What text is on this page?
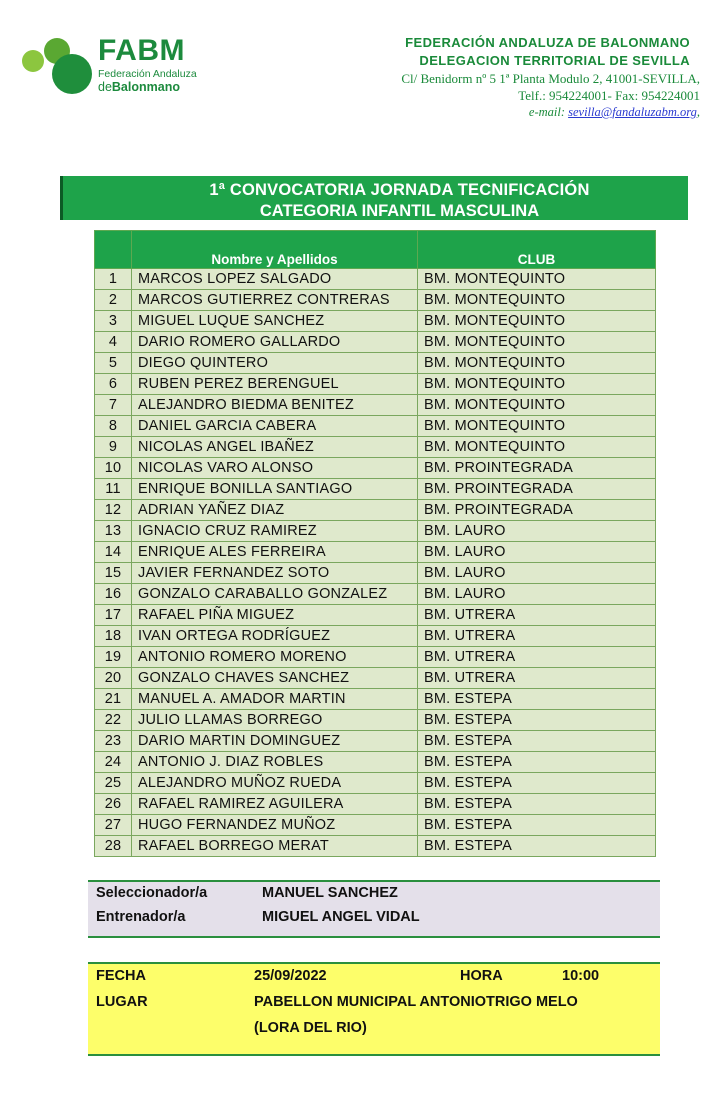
FABM
Federación Andaluza
deBalonmano
FEDERACIÓN ANDALUZA DE BALONMANO
DELEGACION TERRITORIAL DE SEVILLA
Cl/ Benidorm nº 5 1ª Planta Modulo 2, 41001-SEVILLA,
Telf.: 954224001- Fax: 954224001
e-mail: sevilla@fandaluzabm.org,
1ª CONVOCATORIA JORNADA TECNIFICACIÓN
CATEGORIA INFANTIL MASCULINA
	Nombre y Apellidos	CLUB
1	MARCOS LOPEZ SALGADO	BM. MONTEQUINTO
2	MARCOS GUTIERREZ CONTRERAS	BM. MONTEQUINTO
3	MIGUEL LUQUE SANCHEZ	BM. MONTEQUINTO
4	DARIO ROMERO GALLARDO	BM. MONTEQUINTO
5	DIEGO QUINTERO	BM. MONTEQUINTO
6	RUBEN PEREZ BERENGUEL	BM. MONTEQUINTO
7	ALEJANDRO BIEDMA BENITEZ	BM. MONTEQUINTO
8	DANIEL GARCIA CABERA	BM. MONTEQUINTO
9	NICOLAS ANGEL IBAÑEZ	BM. MONTEQUINTO
10	NICOLAS VARO ALONSO	BM. PROINTEGRADA
11	ENRIQUE BONILLA SANTIAGO	BM. PROINTEGRADA
12	ADRIAN YAÑEZ DIAZ	BM. PROINTEGRADA
13	IGNACIO CRUZ RAMIREZ	BM. LAURO
14	ENRIQUE ALES FERREIRA	BM. LAURO
15	JAVIER FERNANDEZ SOTO	BM. LAURO
16	GONZALO CARABALLO GONZALEZ	BM. LAURO
17	RAFAEL PIÑA MIGUEZ	BM. UTRERA
18	IVAN ORTEGA RODRÍGUEZ	BM. UTRERA
19	ANTONIO ROMERO MORENO	BM. UTRERA
20	GONZALO CHAVES SANCHEZ	BM. UTRERA
21	MANUEL A. AMADOR MARTIN	BM. ESTEPA
22	JULIO LLAMAS BORREGO	BM. ESTEPA
23	DARIO MARTIN DOMINGUEZ	BM. ESTEPA
24	ANTONIO J. DIAZ ROBLES	BM. ESTEPA
25	ALEJANDRO MUÑOZ RUEDA	BM. ESTEPA
26	RAFAEL RAMIREZ AGUILERA	BM. ESTEPA
27	HUGO FERNANDEZ MUÑOZ	BM. ESTEPA
28	RAFAEL BORREGO MERAT	BM. ESTEPA
Seleccionador/a	MANUEL SANCHEZ
Entrenador/a	MIGUEL ANGEL VIDAL
FECHA	25/09/2022	HORA	10:00
LUGAR	PABELLON MUNICIPAL ANTONIOTRIGO MELO
(LORA DEL RIO)
